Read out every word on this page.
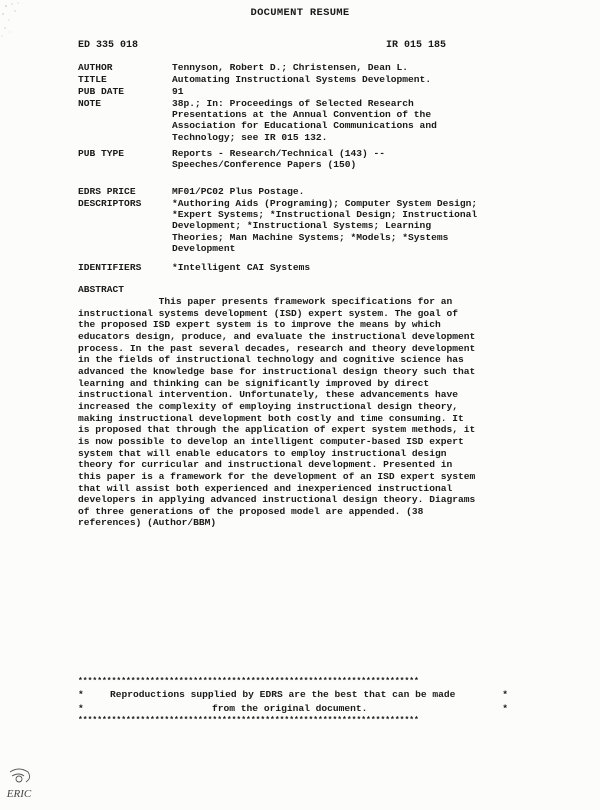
DOCUMENT RESUME
ED 335 018	IR 015 185
AUTHOR	Tennyson, Robert D.; Christensen, Dean L.
TITLE	Automating Instructional Systems Development.
PUB DATE	91
NOTE	38p.; In: Proceedings of Selected Research
Presentations at the Annual Convention of the
Association for Educational Communications and
Technology; see IR 015 132.
PUB TYPE	Reports - Research/Technical (143) --
Speeches/Conference Papers (150)
EDRS PRICE	MF01/PC02 Plus Postage.
DESCRIPTORS	*Authoring Aids (Programing); Computer System Design;
*Expert Systems; *Instructional Design; Instructional
Development; *Instructional Systems; Learning
Theories; Man Machine Systems; *Models; *Systems
Development
IDENTIFIERS	*Intelligent CAI Systems
ABSTRACT
This paper presents framework specifications for an
instructional systems development (ISD) expert system. The goal of
the proposed ISD expert system is to improve the means by which
educators design, produce, and evaluate the instructional development
process. In the past several decades, research and theory development
in the fields of instructional technology and cognitive science has
advanced the knowledge base for instructional design theory such that
learning and thinking can be significantly improved by direct
instructional intervention. Unfortunately, these advancements have
increased the complexity of employing instructional design theory,
making instructional development both costly and time consuming. It
is proposed that through the application of expert system methods, it
is now possible to develop an intelligent computer-based ISD expert
system that will enable educators to employ instructional design
theory for curricular and instructional development. Presented in
this paper is a framework for the development of an ISD expert system
that will assist both experienced and inexperienced instructional
developers in applying advanced instructional design theory. Diagrams
of three generations of the proposed model are appended. (38
references) (Author/BBM)
***********************************************************************
*	Reproductions supplied by EDRS are the best that can be made	*
*	from the original document.	*
***********************************************************************
ERIC
